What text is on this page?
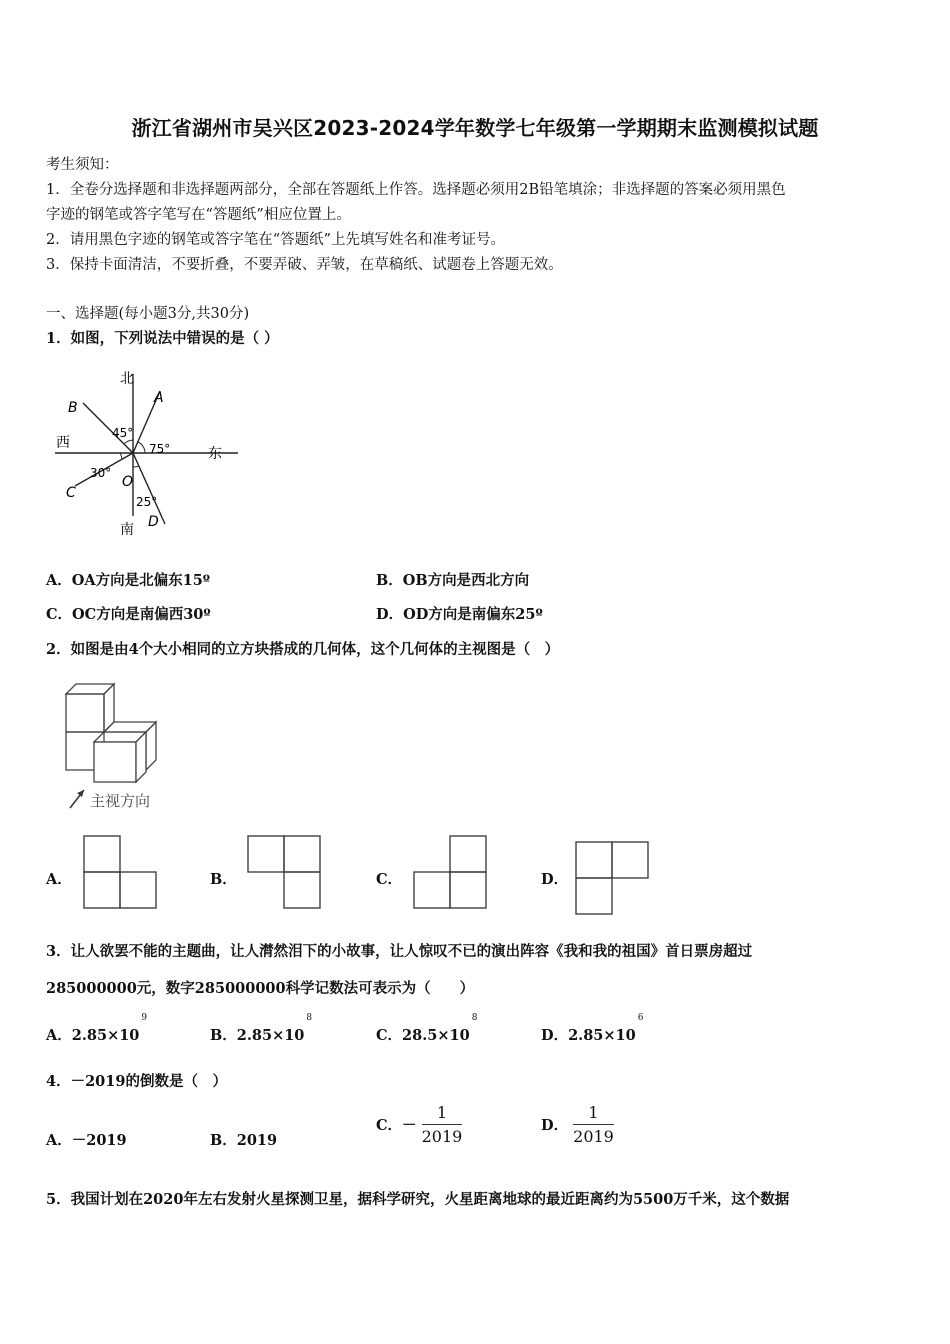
浙江省湖州市吴兴区2023-2024学年数学七年级第一学期期末监测模拟试题
考生须知：
1．全卷分选择题和非选择题两部分，全部在答题纸上作答。选择题必须用2B铅笔填涂；非选择题的答案必须用黑色
字迹的钢笔或答字笔写在“答题纸”相应位置上。
2．请用黑色字迹的钢笔或答字笔在“答题纸”上先填写姓名和准考证号。
3．保持卡面清洁，不要折叠，不要弄破、弄皱，在草稿纸、试题卷上答题无效。
一、选择题(每小题3分,共30分)
1．如图，下列说法中错误的是（ ）
北
南
西
东
B
A
C
D
O
45°
75°
30°
25°
A．OA方向是北偏东15º	B．OB方向是西北方向
C．OC方向是南偏西30º	D．OD方向是南偏东25º
2．如图是由4个大小相同的立方块搭成的几何体，这个几何体的主视图是（　）
主视方向
A．	B．	C．	D．
3．让人欲罢不能的主题曲，让人潸然泪下的小故事，让人惊叹不已的演出阵容《我和我的祖国》首日票房超过
285000000元，数字285000000科学记数法可表示为（　　）
A．$2.85\times 10^9$
B．$2.85\times 10^8$
C．$28.5\times 10^8$
D．$2.85\times 10^6$
4．－2019的倒数是（　）
A．－2019	B．2019
C．－ $\frac{1}{2019}$	D． $\frac{1}{2019}$
5．我国计划在2020年左右发射火星探测卫星，据科学研究，火星距离地球的最近距离约为5500万千米，这个数据
